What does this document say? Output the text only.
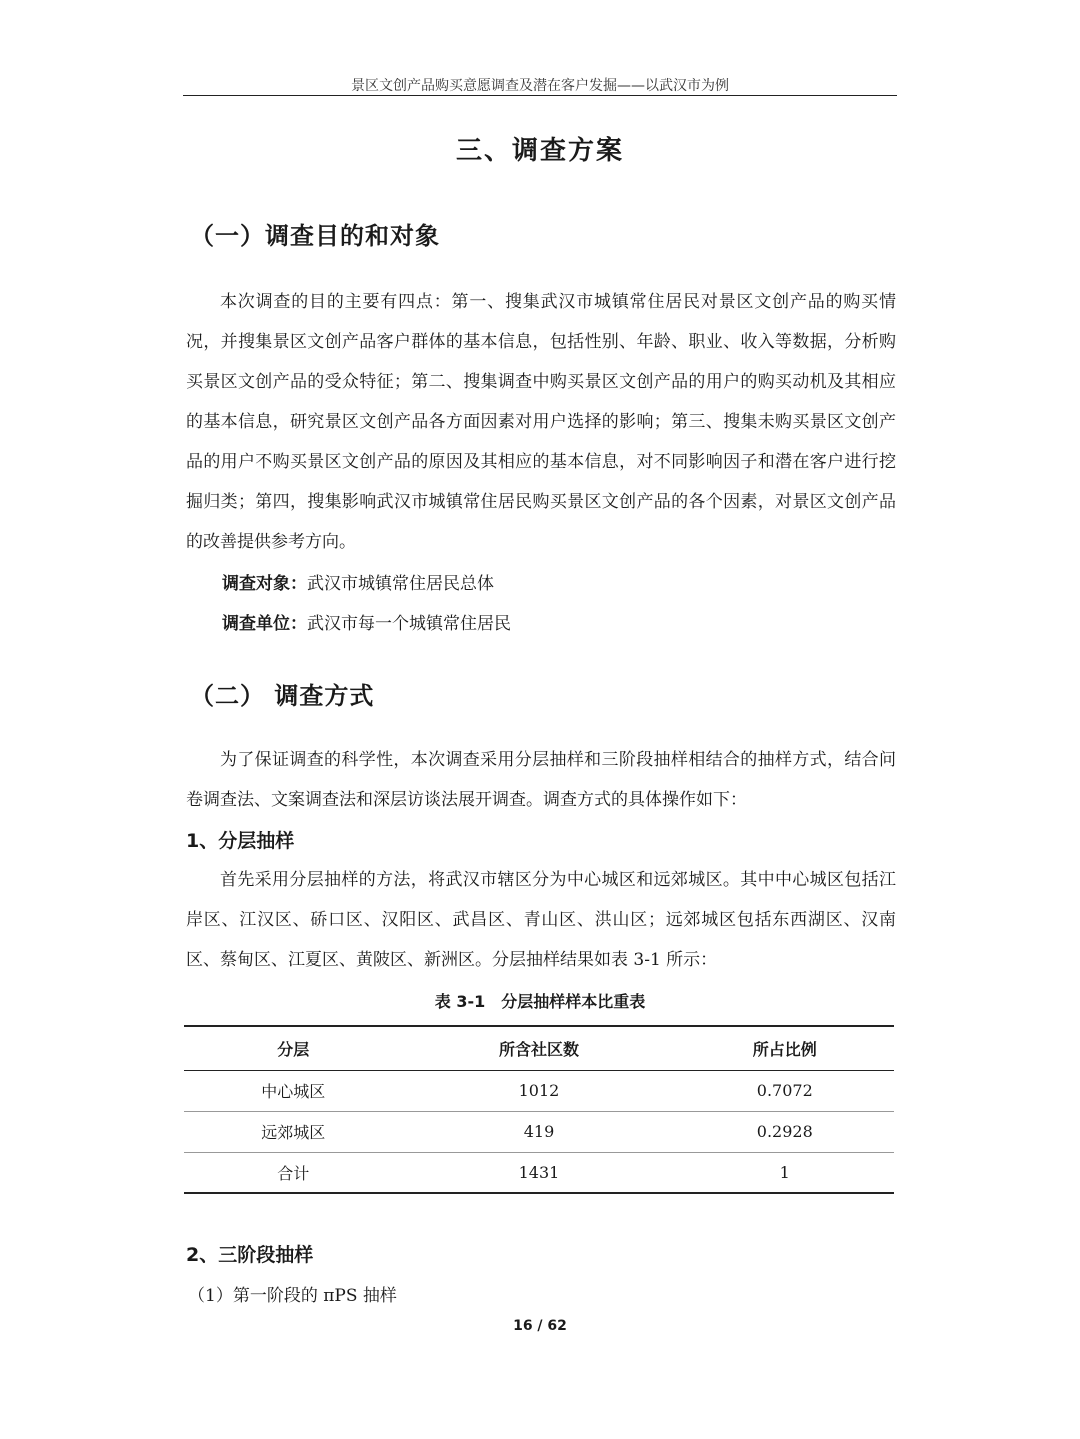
景区文创产品购买意愿调查及潜在客户发掘——以武汉市为例
三、调查方案
（一）调查目的和对象

本次调查的目的主要有四点：第一、搜集武汉市城镇常住居民对景区文创产品的购买情况，并搜集景区文创产品客户群体的基本信息，包括性别、年龄、职业、收入等数据，分析购买景区文创产品的受众特征；第二、搜集调查中购买景区文创产品的用户的购买动机及其相应的基本信息，研究景区文创产品各方面因素对用户选择的影响；第三、搜集未购买景区文创产品的用户不购买景区文创产品的原因及其相应的基本信息，对不同影响因子和潜在客户进行挖掘归类；第四，搜集影响武汉市城镇常住居民购买景区文创产品的各个因素，对景区文创产品的改善提供参考方向。

调查对象：武汉市城镇常住居民总体
调查单位：武汉市每一个城镇常住居民
（二） 调查方式

为了保证调查的科学性，本次调查采用分层抽样和三阶段抽样相结合的抽样方式，结合问卷调查法、文案调查法和深层访谈法展开调查。调查方式的具体操作如下：

1、分层抽样

首先采用分层抽样的方法，将武汉市辖区分为中心城区和远郊城区。其中中心城区包括江岸区、江汉区、硚口区、汉阳区、武昌区、青山区、洪山区；远郊城区包括东西湖区、汉南区、蔡甸区、江夏区、黄陂区、新洲区。分层抽样结果如表 3-1 所示：

表 3-1　分层抽样样本比重表
分层	所含社区数	所占比例
中心城区	1012	0.7072
远郊城区	419	0.2928
合计	1431	1
2、三阶段抽样
（1）第一阶段的 πPS 抽样
16 / 62
